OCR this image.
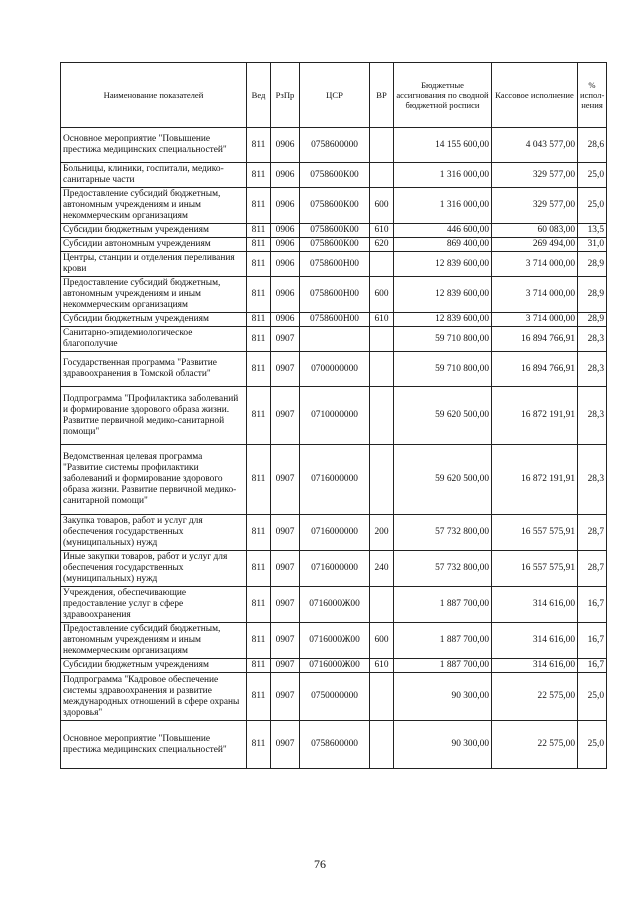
Наименование показателей	Вед	РзПр	ЦСР	ВР	Бюджетные ассигнования по сводной бюджетной росписи	Кассовое исполнение	% испол-нения
Основное мероприятие "Повышение престижа медицинских специальностей"	811	0906	0758600000		14 155 600,00	4 043 577,00	28,6
Больницы, клиники, госпитали, медико-санитарные части	811	0906	0758600К00		1 316 000,00	329 577,00	25,0
Предоставление субсидий бюджетным, автономным учреждениям и иным некоммерческим организациям	811	0906	0758600К00	600	1 316 000,00	329 577,00	25,0
Субсидии бюджетным учреждениям	811	0906	0758600К00	610	446 600,00	60 083,00	13,5
Субсидии автономным учреждениям	811	0906	0758600К00	620	869 400,00	269 494,00	31,0
Центры, станции и отделения переливания крови	811	0906	0758600Н00		12 839 600,00	3 714 000,00	28,9
Предоставление субсидий бюджетным, автономным учреждениям и иным некоммерческим организациям	811	0906	0758600Н00	600	12 839 600,00	3 714 000,00	28,9
Субсидии бюджетным учреждениям	811	0906	0758600Н00	610	12 839 600,00	3 714 000,00	28,9
Санитарно-эпидемиологическое благополучие	811	0907			59 710 800,00	16 894 766,91	28,3
Государственная программа "Развитие здравоохранения в Томской области"	811	0907	0700000000		59 710 800,00	16 894 766,91	28,3
Подпрограмма "Профилактика заболеваний и формирование здорового образа жизни. Развитие первичной медико-санитарной помощи"	811	0907	0710000000		59 620 500,00	16 872 191,91	28,3
Ведомственная целевая программа "Развитие системы профилактики заболеваний и формирование здорового образа жизни. Развитие первичной медико-санитарной помощи"	811	0907	0716000000		59 620 500,00	16 872 191,91	28,3
Закупка товаров, работ и услуг для обеспечения государственных (муниципальных) нужд	811	0907	0716000000	200	57 732 800,00	16 557 575,91	28,7
Иные закупки товаров, работ и услуг для обеспечения государственных (муниципальных) нужд	811	0907	0716000000	240	57 732 800,00	16 557 575,91	28,7
Учреждения, обеспечивающие предоставление услуг в сфере здравоохранения	811	0907	0716000Ж00		1 887 700,00	314 616,00	16,7
Предоставление субсидий бюджетным, автономным учреждениям и иным некоммерческим организациям	811	0907	0716000Ж00	600	1 887 700,00	314 616,00	16,7
Субсидии бюджетным учреждениям	811	0907	0716000Ж00	610	1 887 700,00	314 616,00	16,7
Подпрограмма "Кадровое обеспечение системы здравоохранения и развитие международных отношений в сфере охраны здоровья"	811	0907	0750000000		90 300,00	22 575,00	25,0
Основное мероприятие "Повышение престижа медицинских специальностей"	811	0907	0758600000		90 300,00	22 575,00	25,0
76
